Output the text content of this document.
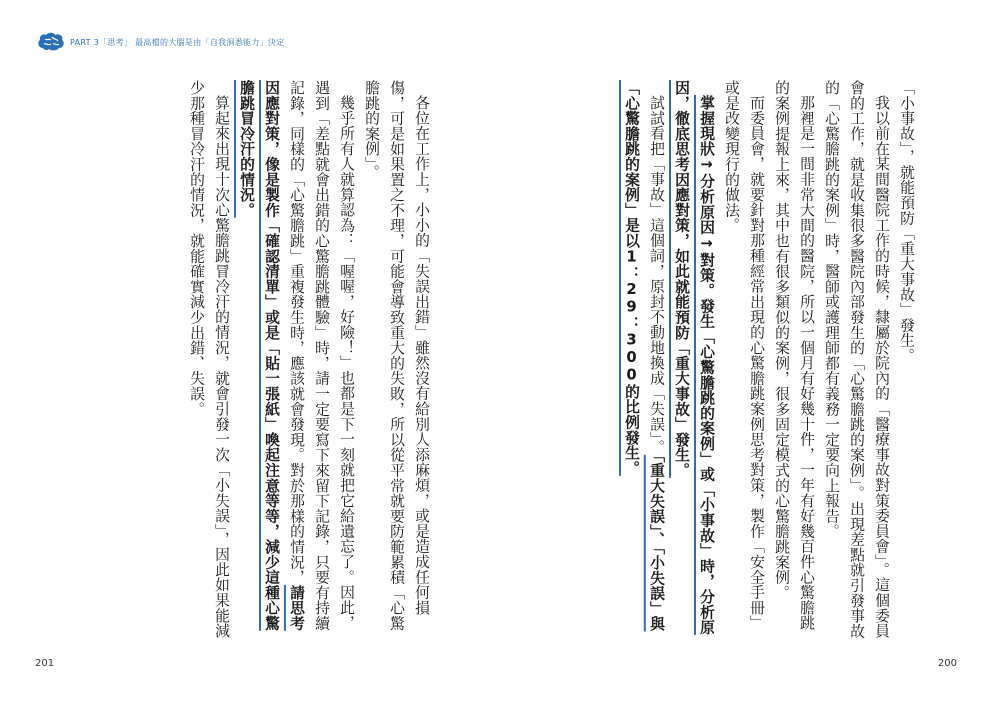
PART 3「思考」 最高檔的大腦是由「自我洞悉能力」決定

「小事故」，就能預防「重大事故」發生。

我以前在某間醫院工作的時候，隸屬於院內的「醫療事故對策委員會」。這個委員會的工作，就是收集很多醫院內部發生的「心驚膽跳的案例」。出現差點就引發事故的「心驚膽跳的案例」時，醫師或護理師都有義務一定要向上報告。

那裡是一間非常大間的醫院，所以一個月有好幾十件，一年有好幾百件心驚膽跳的案例提報上來，其中也有很多類似的案例，很多固定模式的心驚膽跳案例。

而委員會，就要針對那種經常出現的心驚膽跳案例思考對策，製作「安全手冊」或是改變現行的做法。

掌握現狀→分析原因→對策。發生「心驚膽跳的案例」或「小事故」時，分析原因，徹底思考因應對策，如此就能預防「重大事故」發生。

試試看把「事故」這個詞，原封不動地換成「失誤」。「重大失誤」、「小失誤」與「心驚膽跳的案例」是以1：29：300的比例發生。

各位在工作上，小小的「失誤出錯」雖然沒有給別人添麻煩，或是造成任何損傷，可是如果置之不理，可能會導致重大的失敗，所以從平常就要防範累積「心驚膽跳的案例」。

幾乎所有人就算認為：「喔喔，好險！」也都是下一刻就把它給遺忘了。因此，遇到「差點就會出錯的心驚膽跳體驗」時，請一定要寫下來留下記錄，只要有持續記錄，同樣的「心驚膽跳」重複發生時，應該就會發現。對於那樣的情況，請思考因應對策，像是製作「確認清單」或是「貼一張紙」喚起注意等等，減少這種心驚膽跳冒冷汗的情況。

算起來出現十次心驚膽跳冒冷汗的情況，就會引發一次「小失誤」，因此如果能減少那種冒冷汗的情況，就能確實減少出錯、失誤。

201	200
